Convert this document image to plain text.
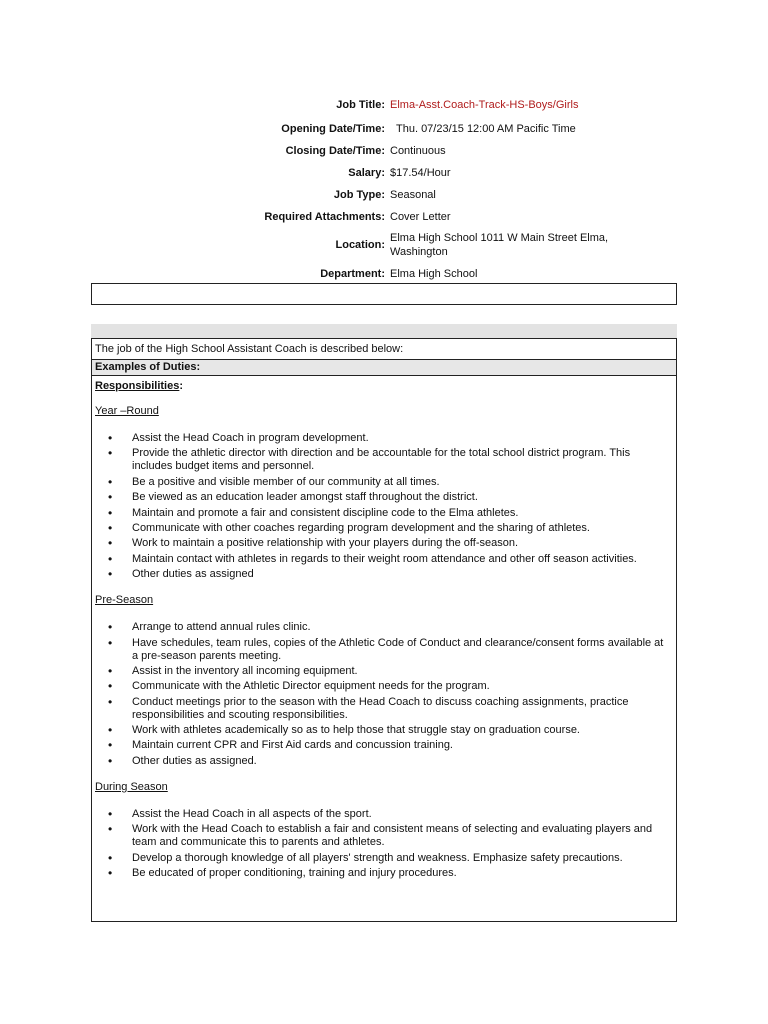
Job Title: Elma-Asst.Coach-Track-HS-Boys/Girls
Opening Date/Time:	Thu. 07/23/15 12:00 AM Pacific Time
Closing Date/Time: Continuous
Salary: $17.54/Hour
Job Type: Seasonal
Required Attachments: Cover Letter
Location:
Elma High School 1011 W Main Street Elma, Washington
Department: Elma High School
The job of the High School Assistant Coach is described below:
Examples of Duties:
Responsibilities:
Year –Round
• Assist the Head Coach in program development.
• Provide the athletic director with direction and be accountable for the total school district program. This includes budget items and personnel.
• Be a positive and visible member of our community at all times.
• Be viewed as an education leader amongst staff throughout the district.
• Maintain and promote a fair and consistent discipline code to the Elma athletes.
• Communicate with other coaches regarding program development and the sharing of athletes.
• Work to maintain a positive relationship with your players during the off-season.
• Maintain contact with athletes in regards to their weight room attendance and other off season activities.
• Other duties as assigned
Pre-Season
• Arrange to attend annual rules clinic.
• Have schedules, team rules, copies of the Athletic Code of Conduct and clearance/consent forms available at a pre-season parents meeting.
• Assist in the inventory all incoming equipment.
• Communicate with the Athletic Director equipment needs for the program.
• Conduct meetings prior to the season with the Head Coach to discuss coaching assignments, practice responsibilities and scouting responsibilities.
• Work with athletes academically so as to help those that struggle stay on graduation course.
• Maintain current CPR and First Aid cards and concussion training.
• Other duties as assigned.
During Season
• Assist the Head Coach in all aspects of the sport.
• Work with the Head Coach to establish a fair and consistent means of selecting and evaluating players and team and communicate this to parents and athletes.
• Develop a thorough knowledge of all players' strength and weakness. Emphasize safety precautions.
• Be educated of proper conditioning, training and injury procedures.
